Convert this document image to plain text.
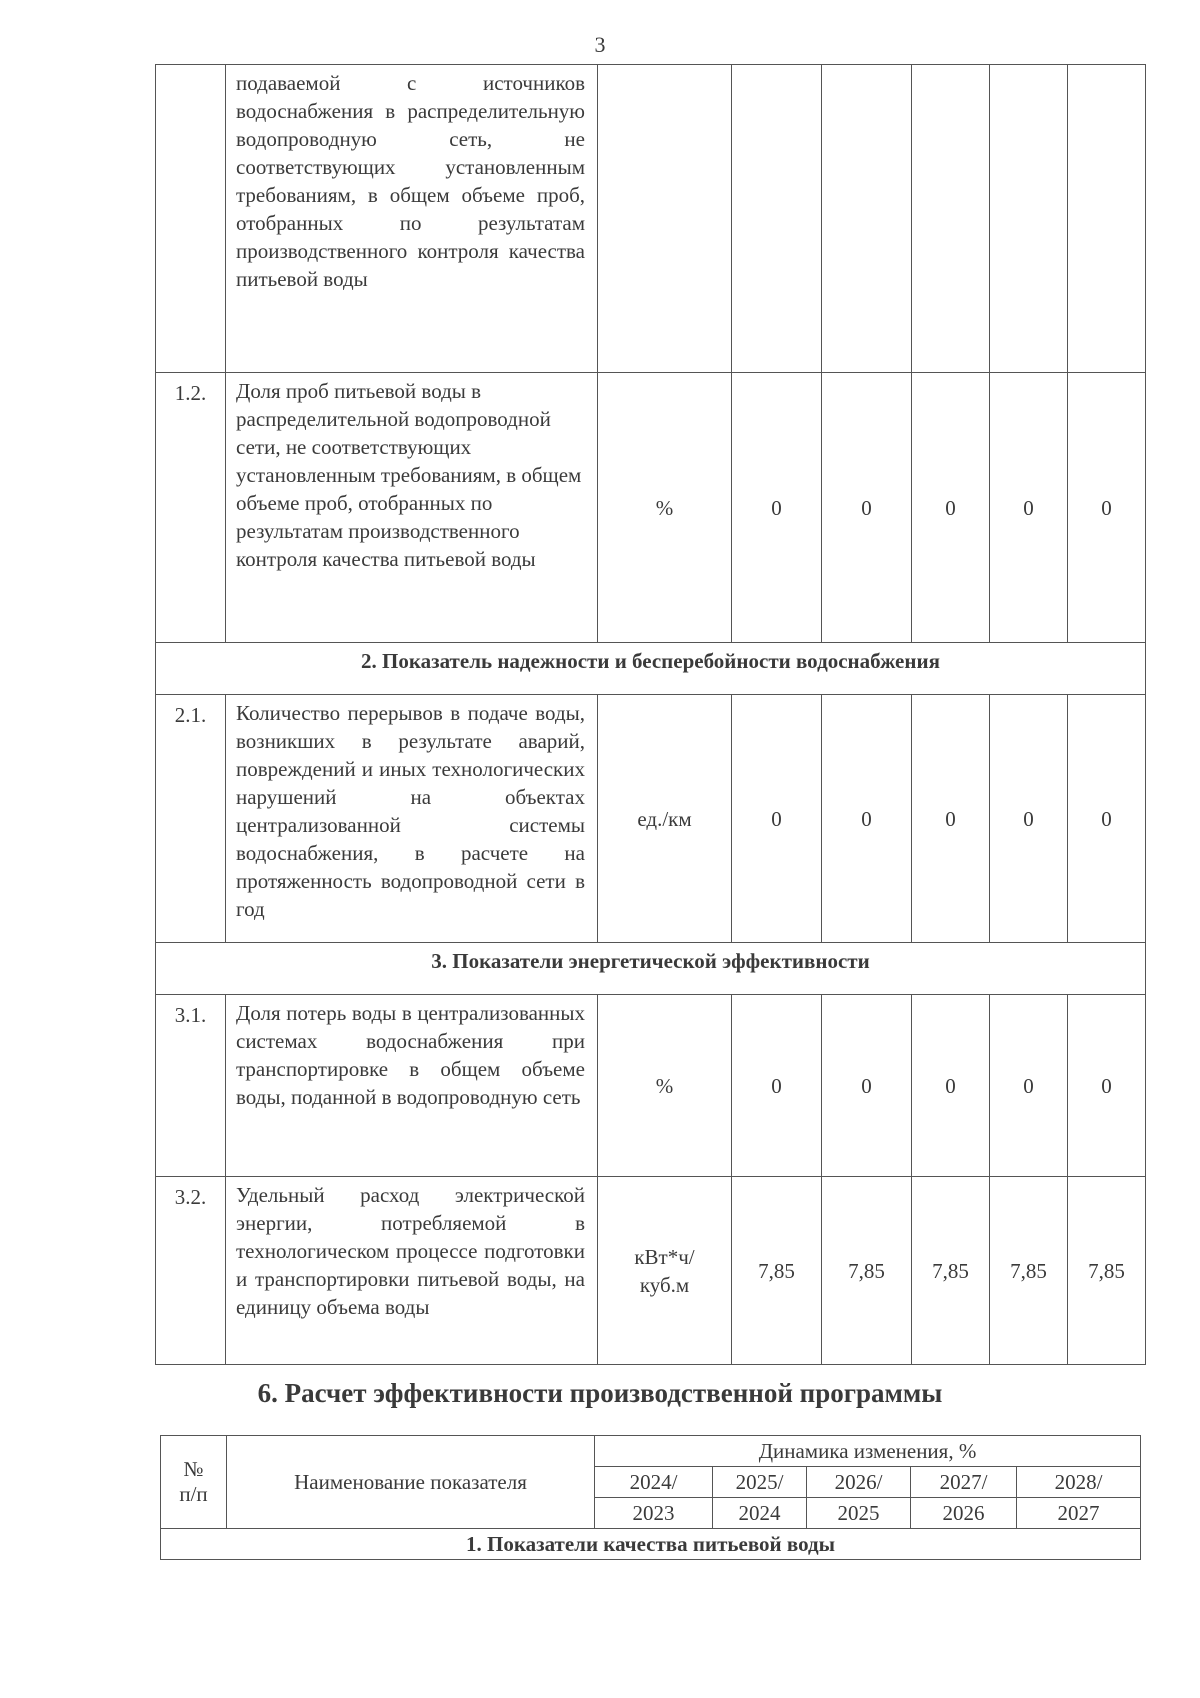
3
	подаваемой с источников водоснабжения в распределительную водопроводную сеть, не соответствующих установленным требованиям, в общем объеме проб, отобранных по результатам производственного контроля качества питьевой воды						
1.2.	Доля проб питьевой воды в распределительной водопроводной сети, не соответствующих установленным требованиям, в общем объеме проб, отобранных по результатам производственного контроля качества питьевой воды	%	0	0	0	0	0
2. Показатель надежности и бесперебойности водоснабжения							
2.1.	Количество перерывов в подаче воды, возникших в результате аварий, повреждений и иных технологических нарушений на объектах централизованной системы водоснабжения, в расчете на протяженность водопроводной сети в год	ед./км	0	0	0	0	0
3. Показатели энергетической эффективности							
3.1.	Доля потерь воды в централизованных системах водоснабжения при транспортировке в общем объеме воды, поданной в водопроводную сеть	%	0	0	0	0	0
3.2.	Удельный расход электрической энергии, потребляемой в технологическом процессе подготовки и транспортировки питьевой воды, на единицу объема воды	кВт*ч/
куб.м	7,85	7,85	7,85	7,85	7,85
6. Расчет эффективности производственной программы
№
п/п	Наименование показателя	Динамика изменения, %				
		2024/	2025/	2026/	2027/	2028/
		2023	2024	2025	2026	2027
1. Показатели качества питьевой воды						
